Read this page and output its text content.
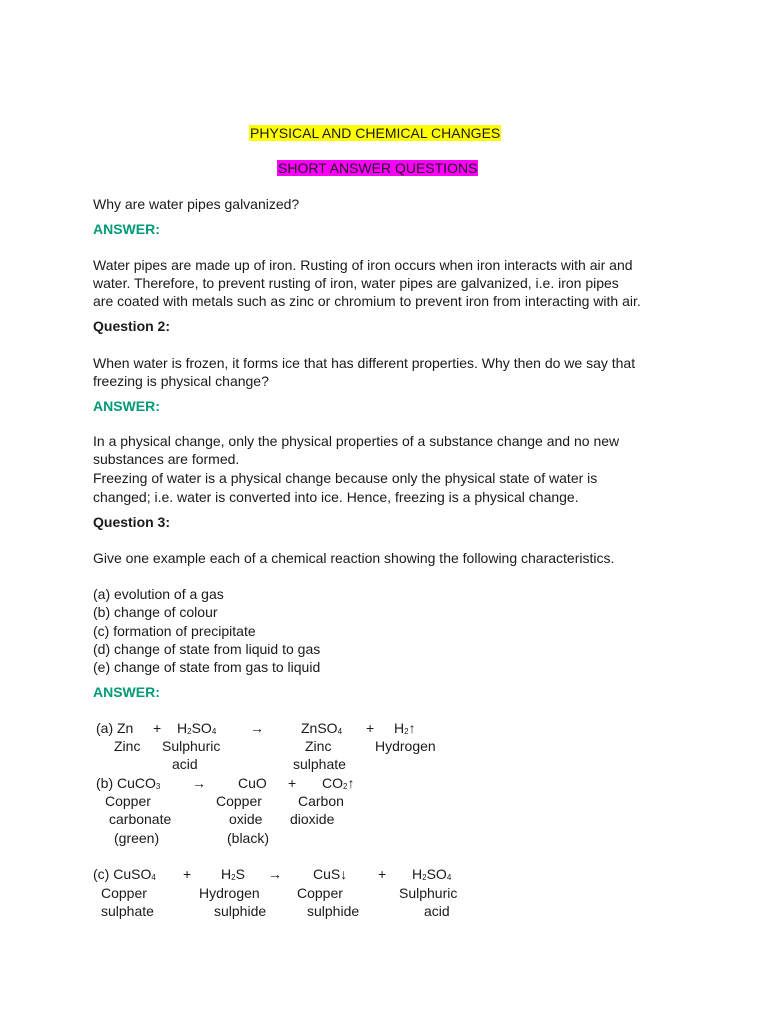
PHYSICAL AND CHEMICAL CHANGES
SHORT ANSWER QUESTIONS
Why are water pipes galvanized?
ANSWER:
Water pipes are made up of iron. Rusting of iron occurs when iron interacts with air and
water. Therefore, to prevent rusting of iron, water pipes are galvanized, i.e. iron pipes
are coated with metals such as zinc or chromium to prevent iron from interacting with air.
Question 2:
When water is frozen, it forms ice that has different properties. Why then do we say that
freezing is physical change?
ANSWER:
In a physical change, only the physical properties of a substance change and no new
substances are formed.
Freezing of water is a physical change because only the physical state of water is
changed; i.e. water is converted into ice. Hence, freezing is a physical change.
Question 3:
Give one example each of a chemical reaction showing the following characteristics.
(a) evolution of a gas
(b) change of colour
(c) formation of precipitate
(d) change of state from liquid to gas
(e) change of state from gas to liquid
ANSWER:
(a) $Zn + H_2SO_4$ →	ZnSO$_4$ + $H_2↑$
Zinc Sulphuric
acid
Zinc
sulphate
Hydrogen
(b) CuCO$_3$ → CuO + $CO_2↑$
Copper
carbonate
(green)
Copper
oxide
(black)
Carbon
dioxide
(c) CuSO$_4$ + $H_2S$ → CuS↓ + $H_2SO_4$
Copper
sulphate
Hydrogen
sulphide
Copper
sulphide
Sulphuric
acid
